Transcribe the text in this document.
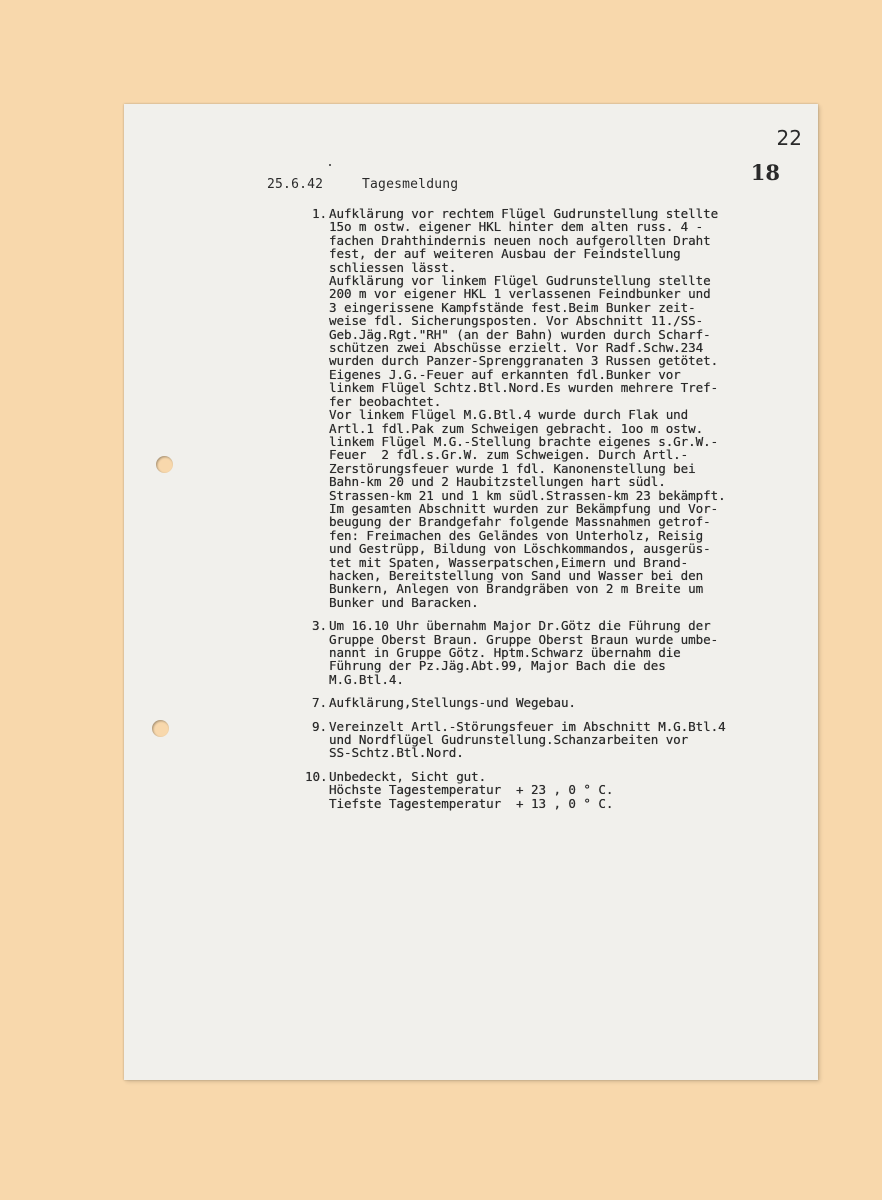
22
18
25.6.42	Tagesmeldung
1. Aufklärung vor rechtem Flügel Gudrunstellung stellte
15o m ostw. eigener HKL hinter dem alten russ. 4 -
fachen Drahthindernis neuen noch aufgerollten Draht
fest, der auf weiteren Ausbau der Feindstellung
schliessen lässt.
Aufklärung vor linkem Flügel Gudrunstellung stellte
200 m vor eigener HKL 1 verlassenen Feindbunker und
3 eingerissene Kampfstände fest.Beim Bunker zeit-
weise fdl. Sicherungsposten. Vor Abschnitt 11./SS-
Geb.Jäg.Rgt."RH" (an der Bahn) wurden durch Scharf-
schützen zwei Abschüsse erzielt. Vor Radf.Schw.234
wurden durch Panzer-Sprenggranaten 3 Russen getötet.
Eigenes J.G.-Feuer auf erkannten fdl.Bunker vor
linkem Flügel Schtz.Btl.Nord.Es wurden mehrere Tref-
fer beobachtet.
Vor linkem Flügel M.G.Btl.4 wurde durch Flak und
Artl.1 fdl.Pak zum Schweigen gebracht. 1oo m ostw.
linkem Flügel M.G.-Stellung brachte eigenes s.Gr.W.-
Feuer  2 fdl.s.Gr.W. zum Schweigen. Durch Artl.-
Zerstörungsfeuer wurde 1 fdl. Kanonenstellung bei
Bahn-km 20 und 2 Haubitzstellungen hart südl.
Strassen-km 21 und 1 km südl.Strassen-km 23 bekämpft.
Im gesamten Abschnitt wurden zur Bekämpfung und Vor-
beugung der Brandgefahr folgende Massnahmen getrof-
fen: Freimachen des Geländes von Unterholz, Reisig
und Gestrüpp, Bildung von Löschkommandos, ausgerüs-
tet mit Spaten, Wasserpatschen,Eimern und Brand-
hacken, Bereitstellung von Sand und Wasser bei den
Bunkern, Anlegen von Brandgräben von 2 m Breite um
Bunker und Baracken.
3. Um 16.10 Uhr übernahm Major Dr.Götz die Führung der
Gruppe Oberst Braun. Gruppe Oberst Braun wurde umbe-
nannt in Gruppe Götz. Hptm.Schwarz übernahm die
Führung der Pz.Jäg.Abt.99, Major Bach die des
M.G.Btl.4.
7. Aufklärung,Stellungs-und Wegebau.
9. Vereinzelt Artl.-Störungsfeuer im Abschnitt M.G.Btl.4
und Nordflügel Gudrunstellung.Schanzarbeiten vor
SS-Schtz.Btl.Nord.
10. Unbedeckt, Sicht gut.
Höchste Tagestemperatur  + 23 , 0 ° C.
Tiefste Tagestemperatur  + 13 , 0 ° C.
